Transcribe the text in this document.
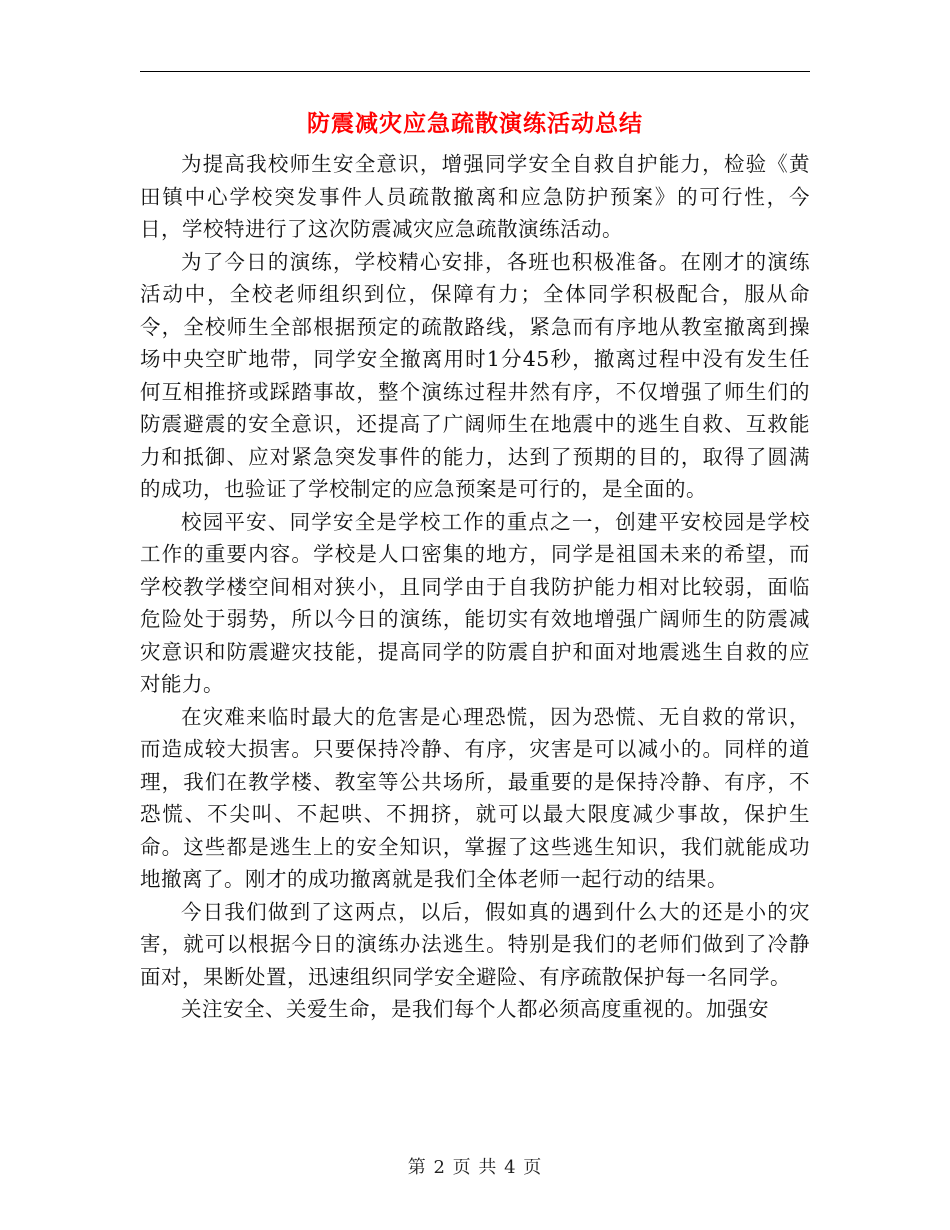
防震减灾应急疏散演练活动总结

为提高我校师生安全意识，增强同学安全自救自护能力，检验《黄田镇中心学校突发事件人员疏散撤离和应急防护预案》的可行性，今日，学校特进行了这次防震减灾应急疏散演练活动。

为了今日的演练，学校精心安排，各班也积极准备。在刚才的演练活动中，全校老师组织到位，保障有力；全体同学积极配合，服从命令，全校师生全部根据预定的疏散路线，紧急而有序地从教室撤离到操场中央空旷地带，同学安全撤离用时1分45秒，撤离过程中没有发生任何互相推挤或踩踏事故，整个演练过程井然有序，不仅增强了师生们的防震避震的安全意识，还提高了广阔师生在地震中的逃生自救、互救能力和抵御、应对紧急突发事件的能力，达到了预期的目的，取得了圆满的成功，也验证了学校制定的应急预案是可行的，是全面的。

校园平安、同学安全是学校工作的重点之一，创建平安校园是学校工作的重要内容。学校是人口密集的地方，同学是祖国未来的希望，而学校教学楼空间相对狭小，且同学由于自我防护能力相对比较弱，面临危险处于弱势，所以今日的演练，能切实有效地增强广阔师生的防震减灾意识和防震避灾技能，提高同学的防震自护和面对地震逃生自救的应对能力。

在灾难来临时最大的危害是心理恐慌，因为恐慌、无自救的常识，而造成较大损害。只要保持冷静、有序，灾害是可以减小的。同样的道理，我们在教学楼、教室等公共场所，最重要的是保持冷静、有序，不恐慌、不尖叫、不起哄、不拥挤，就可以最大限度减少事故，保护生命。这些都是逃生上的安全知识，掌握了这些逃生知识，我们就能成功地撤离了。刚才的成功撤离就是我们全体老师一起行动的结果。

今日我们做到了这两点，以后，假如真的遇到什么大的还是小的灾害，就可以根据今日的演练办法逃生。特别是我们的老师们做到了冷静面对，果断处置，迅速组织同学安全避险、有序疏散保护每一名同学。

关注安全、关爱生命，是我们每个人都必须高度重视的。加强安

第 2 页 共 4 页
